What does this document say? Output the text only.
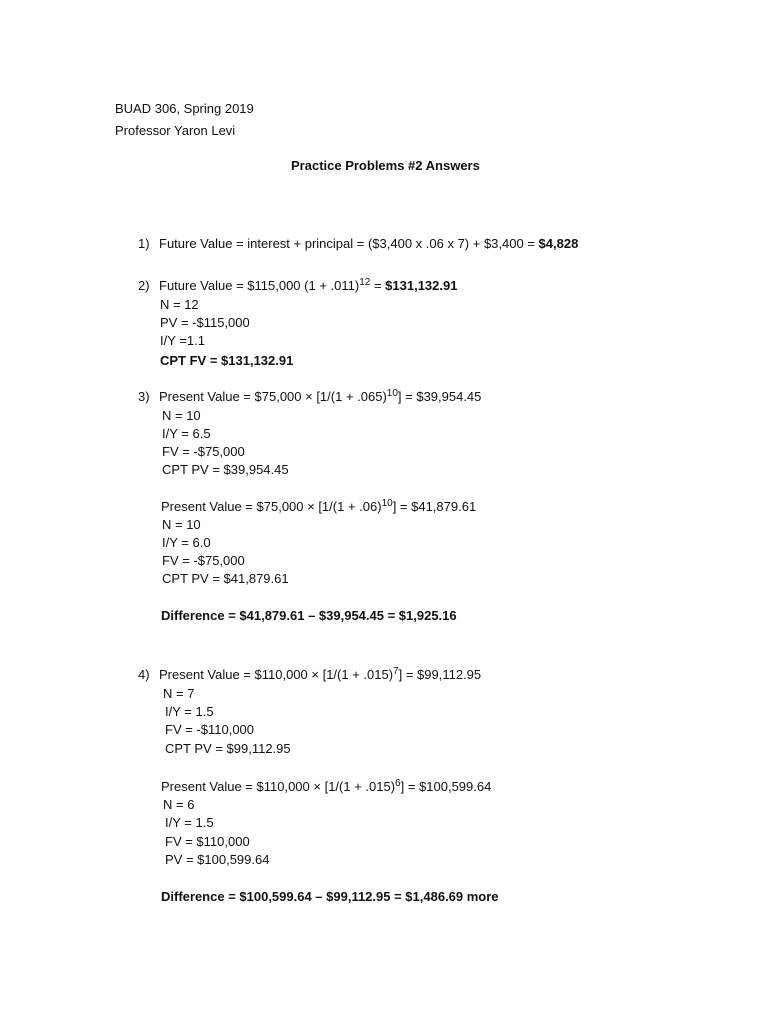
BUAD 306, Spring 2019
Professor Yaron Levi
Practice Problems #2 Answers
1) Future Value = interest + principal = ($3,400 x .06 x 7) + $3,400 = $4,828
2) Future Value = $115,000 $(1 + .011)^{12}$ = $131,132.91
N = 12
PV = -$115,000
I/Y =1.1
CPT FV = $131,132.91
3) Present Value = $75,000 × $[1/(1 + .065)^{10}]$ = $39,954.45
N = 10
I/Y = 6.5
FV = -$75,000
CPT PV = $39,954.45
Present Value = $75,000 × $[1/(1 + .06)^{10}]$ = $41,879.61
N = 10
I/Y = 6.0
FV = -$75,000
CPT PV = $41,879.61
Difference = $41,879.61 – $39,954.45 = $1,925.16
4) Present Value = $110,000 × $[1/(1 + .015)^7]$ = $99,112.95
N = 7
I/Y = 1.5
FV = -$110,000
CPT PV = $99,112.95
Present Value = $110,000 × $[1/(1 + .015)^6]$ = $100,599.64
N = 6
I/Y = 1.5
FV = $110,000
PV = $100,599.64
Difference = $100,599.64 – $99,112.95 = $1,486.69 more
